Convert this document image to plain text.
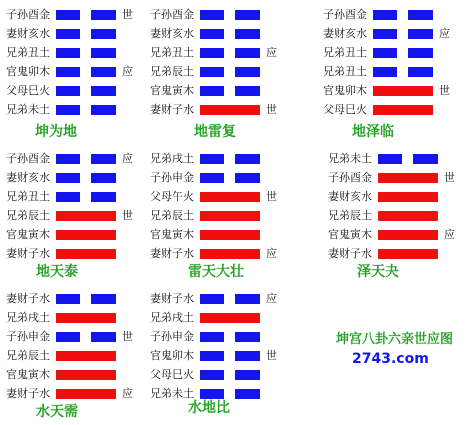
子孙酉金	世
妻财亥水
兄弟丑土
官鬼卯木	应
父母巳火
兄弟未土
坤为地
子孙酉金
妻财亥水
兄弟丑土	应
兄弟辰土
官鬼寅木
妻财子水	世
地雷复
子孙酉金
妻财亥水	应
兄弟丑土
兄弟丑土
官鬼卯木	世
父母巳火
地泽临
子孙酉金	应
妻财亥水
兄弟丑土
兄弟辰土	世
官鬼寅木
妻财子水
地天泰
兄弟戌土
子孙申金
父母午火	世
兄弟辰土
官鬼寅木
妻财子水	应
雷天大壮
兄弟未土
子孙酉金	世
妻财亥水
兄弟辰土
官鬼寅木	应
妻财子水
泽天夬
妻财子水
兄弟戌土
子孙申金	世
兄弟辰土
官鬼寅木
妻财子水	应
水天需
妻财子水	应
兄弟戌土
子孙申金
官鬼卯木	世
父母巳火
兄弟未土
水地比
坤宫八卦六亲世应图
2743.com
